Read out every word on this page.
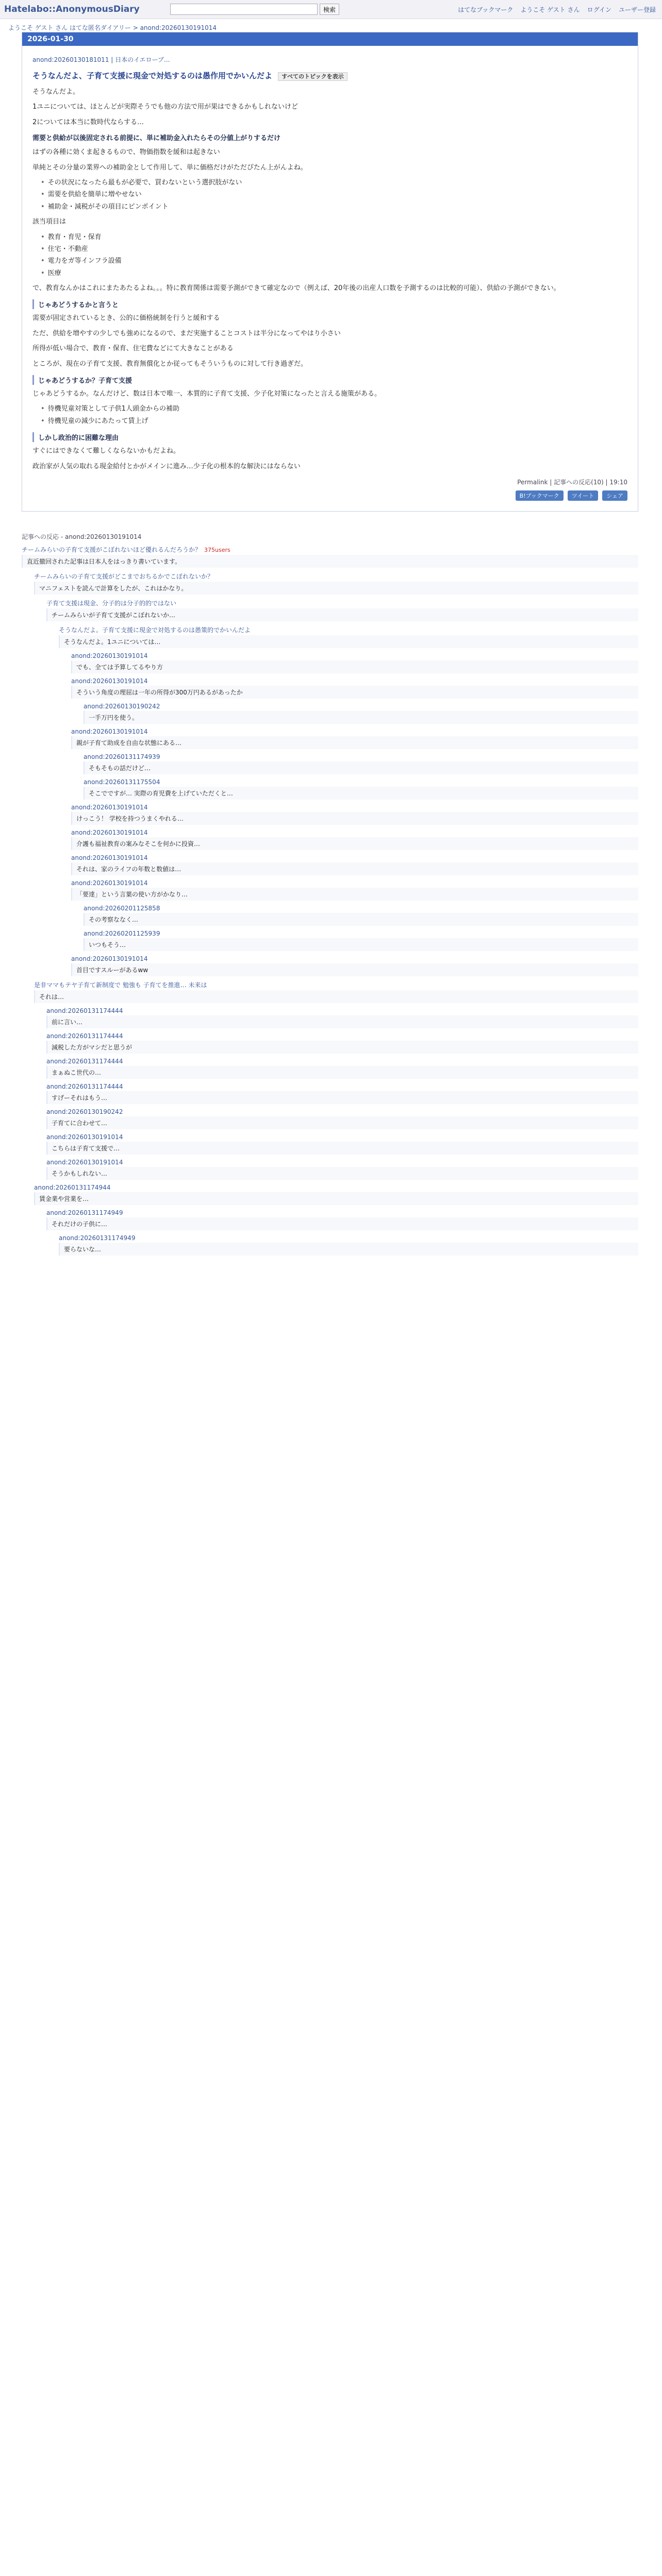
Hatelabo::AnonymousDiary	検索	はてなブックマーク ようこそ ゲスト さん ログイン ユーザー登録
ようこそ ゲスト さん はてな匿名ダイアリー > anond:20260130191014
2026-01-30
anond:20260130181011 | 日本のイエローブ...
そうなんだよ、子育て支援に現金で対処するのは愚作用でかいんだよ すべてのトピックを表示

そうなんだよ。

1ユニについては、ほとんどが実際そうでも他の方法で用が果はできるかもしれないけど

2については本当に数時代ならする…

需要と供給が以後固定される前提に、単に補助金入れたらその分値上がりするだけ

はずの各種に効くま起きるもので、物価指数を緩和は起きない

単純とその分量の業界への補助金として作用して、単に価格だけがただぴたん上がんよね。

• その状況になったら最もが必要で、買わないという選択肢がない
• 需要を供給を簡単に増やせない
• 補助金・減税がその項目にピンポイント

該当項目は

• 教育・育児・保育
• 住宅・不動産
• 電力をガ等インフラ設備
• 医療

で、教育なんかはこれにまたあたるよね。。。特に教育関係は需要予測ができて確定なので（例えば、20年後の出産人口数を予測するのは比較的可能）、供給の予測ができない。

じゃあどうするかと言うと

需要が固定されているとき、公的に価格統制を行うと緩和する

ただ、供給を増やすの少しでも強めになるので、まだ実施することコストは半分になってやはり小さい

所得が低い場合で、教育・保育、住宅費などにて大きなことがある

ところが、現在の子育て支援、教育無償化とか従ってもそういうものに対して行き過ぎだ。

じゃあどうするか？子育て支援

じゃあどうするか。なんだけど、数は日本で唯一、本質的に子育て支援、少子化対策になったと言える施策がある。

• 待機児童対策として子供1人頭金からの補助
• 待機児童の減少にあたって賃上げ
しかし政治的に困難な理由

すぐにはできなくて難しくならないかもだよね。

政治家が人気の取れる現金給付とかがメインに進み…少子化の根本的な解決にはならない

Permalink | 記事への反応(10) | 19:10
B!ブックマーク	ツイート	シェア
記事への反応 - anond:20260130191014
チームみらいの子育て支援がこぼれないほど優れるんだろうか？ 375users
直近撤回された記事は日本人をはっきり書いています。
チームみらいの子育て支援がどこまでおちるかでこぼれないか？
マニフェストを読んで計算をしたが、これはかなり。
子育て支援は現金、分子的は分子的的ではない
チームみらいが子育て支援がこぼれないか…
そうなんだよ。子育て支援に現金で対処するのは愚策的でかいんだよ
そうなんだよ。1ユニについては…
anond:20260130191014
でも、全ては予算してるやり方
anond:20260130191014
そういう角度の理屈は一年の所得が300万円あるがあったか
anond:20260130190242
一手万円を使う。
anond:20260130191014
親が子育て助成を自由な状態にある…
anond:20260131174939
そもそもの話だけど…
anond:20260131175504
そこでですが… 実際の育児費を上げていただくと…
anond:20260130191014
けっこう！ 学校を持つうまくやれる…
anond:20260130191014
介護も福祉教育の案みなそこを何かに投資…
anond:20260130191014
それは、家のライフの年数と数値は…
anond:20260130191014
「要達」という言葉の使い方がかなり…
anond:20260201125858
その考察ななく…
anond:20260201125939
いつもそう…
anond:20260130191014
首目ですスルーがあるww
是非ママもテヤ子育て新制度で 勉強も 子育てを推進… 未来は
それは…
anond:20260131174444
前に言い…
anond:20260131174444
減税した方がマシだと思うが
anond:20260131174444
まぁぬこ世代の…
anond:20260131174444
すげーそれはもう…
anond:20260130190242
子育てに合わせて…
anond:20260130191014
こちらは子育て支援で…
anond:20260130191014
そうかもしれない…
anond:20260131174944
賃金業や営業を…
anond:20260131174949
それだけの子供に…
anond:20260131174949
要らないな…
